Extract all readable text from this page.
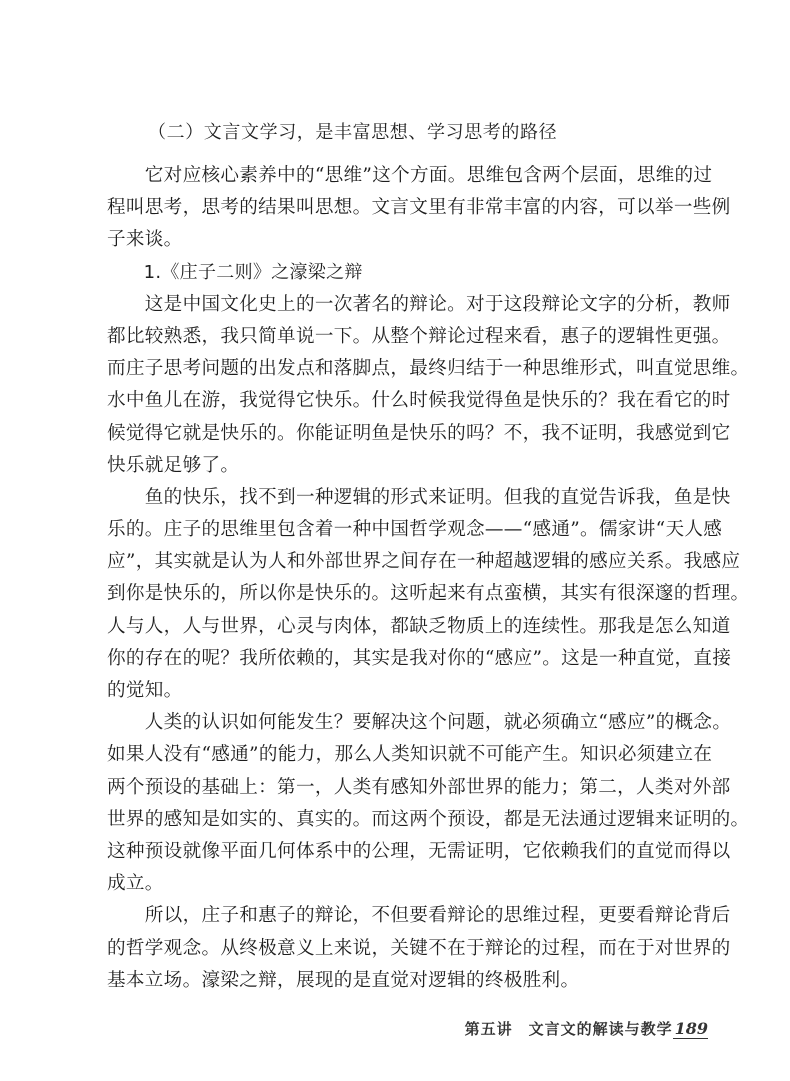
（二）文言文学习，是丰富思想、学习思考的路径
　　它对应核心素养中的“思维”这个方面。思维包含两个层面，思维的过
程叫思考，思考的结果叫思想。文言文里有非常丰富的内容，可以举一些例
子来谈。
　　1.《庄子二则》之濠梁之辩
　　这是中国文化史上的一次著名的辩论。对于这段辩论文字的分析，教师
都比较熟悉，我只简单说一下。从整个辩论过程来看，惠子的逻辑性更强。
而庄子思考问题的出发点和落脚点，最终归结于一种思维形式，叫直觉思维。
水中鱼儿在游，我觉得它快乐。什么时候我觉得鱼是快乐的？我在看它的时
候觉得它就是快乐的。你能证明鱼是快乐的吗？不，我不证明，我感觉到它
快乐就足够了。
　　鱼的快乐，找不到一种逻辑的形式来证明。但我的直觉告诉我，鱼是快
乐的。庄子的思维里包含着一种中国哲学观念——“感通”。儒家讲“天人感
应”，其实就是认为人和外部世界之间存在一种超越逻辑的感应关系。我感应
到你是快乐的，所以你是快乐的。这听起来有点蛮横，其实有很深邃的哲理。
人与人，人与世界，心灵与肉体，都缺乏物质上的连续性。那我是怎么知道
你的存在的呢？我所依赖的，其实是我对你的“感应”。这是一种直觉，直接
的觉知。
　　人类的认识如何能发生？要解决这个问题，就必须确立“感应”的概念。
如果人没有“感通”的能力，那么人类知识就不可能产生。知识必须建立在
两个预设的基础上：第一，人类有感知外部世界的能力；第二，人类对外部
世界的感知是如实的、真实的。而这两个预设，都是无法通过逻辑来证明的。
这种预设就像平面几何体系中的公理，无需证明，它依赖我们的直觉而得以
成立。
　　所以，庄子和惠子的辩论，不但要看辩论的思维过程，更要看辩论背后
的哲学观念。从终极意义上来说，关键不在于辩论的过程，而在于对世界的
基本立场。濠梁之辩，展现的是直觉对逻辑的终极胜利。
第五讲　文言文的解读与教学 189
